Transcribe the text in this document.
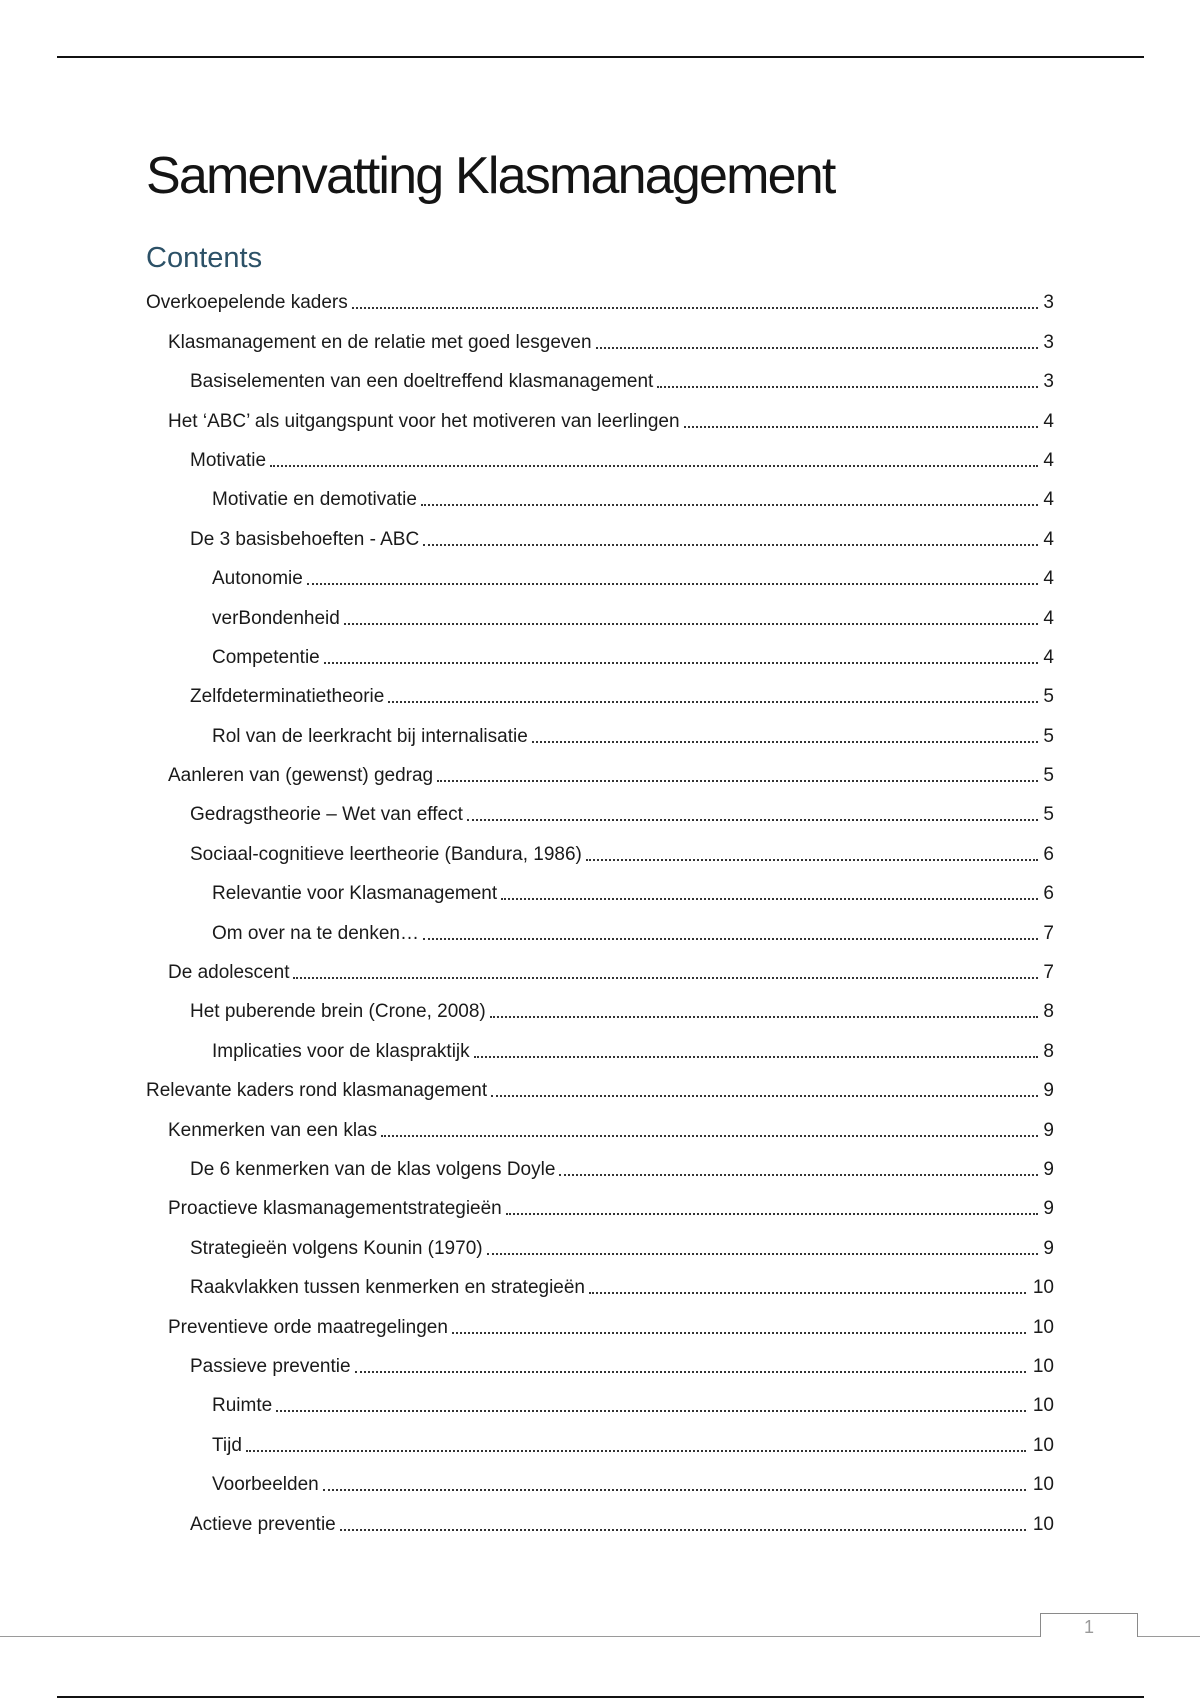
Samenvatting Klasmanagement
Contents
Overkoepelende kaders	3
Klasmanagement en de relatie met goed lesgeven	3
Basiselementen van een doeltreffend klasmanagement	3
Het ‘ABC’ als uitgangspunt voor het motiveren van leerlingen	4
Motivatie	4
Motivatie en demotivatie	4
De 3 basisbehoeften - ABC	4
Autonomie	4
verBondenheid	4
Competentie	4
Zelfdeterminatietheorie	5
Rol van de leerkracht bij internalisatie	5
Aanleren van (gewenst) gedrag	5
Gedragstheorie – Wet van effect	5
Sociaal-cognitieve leertheorie (Bandura, 1986)	6
Relevantie voor Klasmanagement	6
Om over na te denken…	7
De adolescent	7
Het puberende brein (Crone, 2008)	8
Implicaties voor de klaspraktijk	8
Relevante kaders rond klasmanagement	9
Kenmerken van een klas	9
De 6 kenmerken van de klas volgens Doyle	9
Proactieve klasmanagementstrategieën	9
Strategieën volgens Kounin (1970)	9
Raakvlakken tussen kenmerken en strategieën	10
Preventieve orde maatregelingen	10
Passieve preventie	10
Ruimte	10
Tijd	10
Voorbeelden	10
Actieve preventie	10
1
